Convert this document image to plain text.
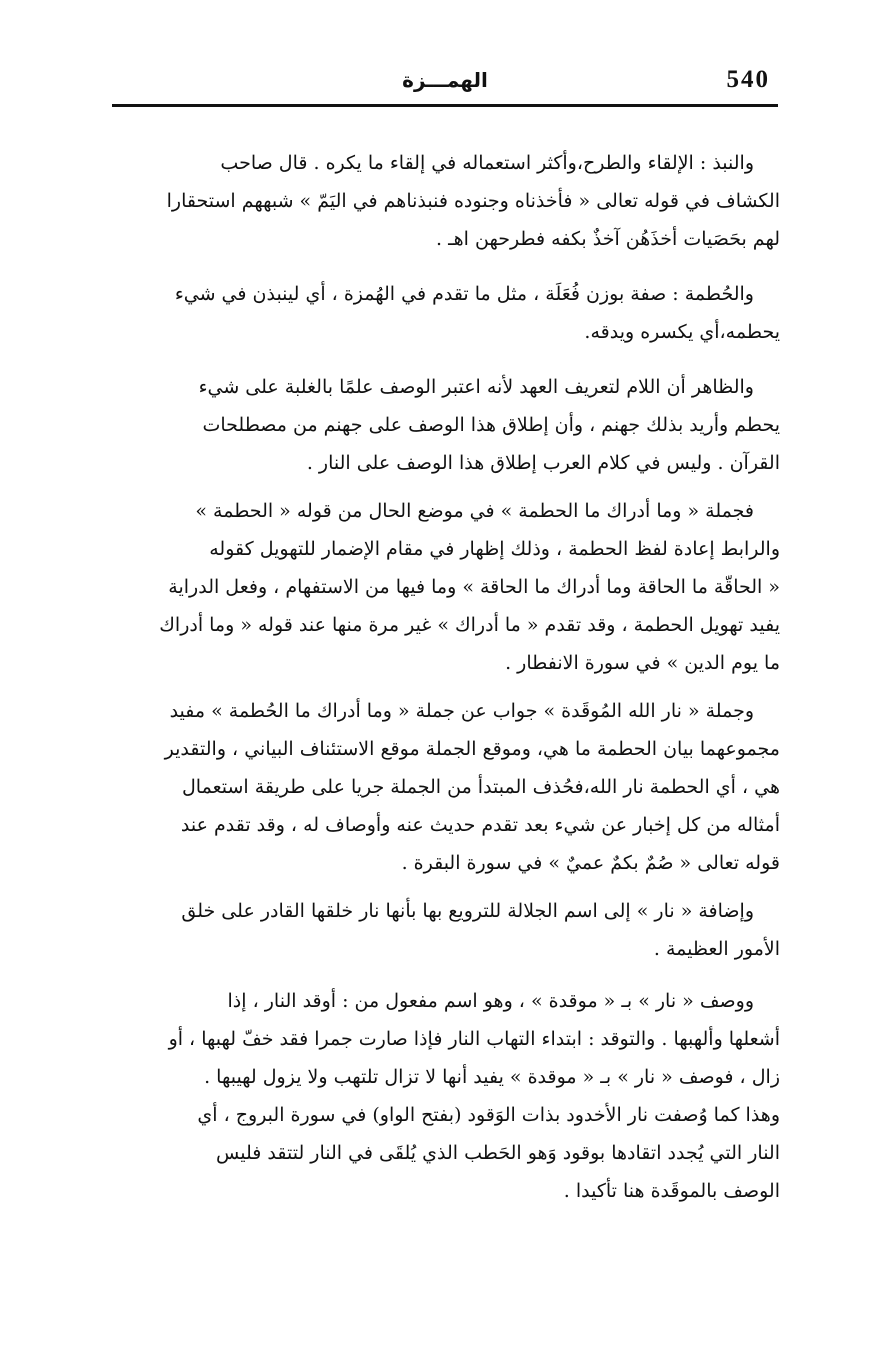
540
الهمـــزة
والنبذ : الإلقاء والطرح،وأكثر استعماله في إلقاء ما يكره . قال صاحب
الكشاف في قوله تعالى « فأخذناه وجنوده فنبذناهم في اليَمّ » شبههم استحقارا
لهم بحَصَيات أخذَهُن آخذٌ بكفه فطرحهن اهـ .
والحُطمة : صفة بوزن فُعَلَة ، مثل ما تقدم في الهُمزة ، أي لينبذن في شيء
يحطمه،أي يكسره ويدقه.
والظاهر أن اللام لتعريف العهد لأنه اعتبر الوصف علمًا بالغلبة على شيء
يحطم وأريد بذلك جهنم ، وأن إطلاق هذا الوصف على جهنم من مصطلحات
القرآن . وليس في كلام العرب إطلاق هذا الوصف على النار .
فجملة « وما أدراك ما الحطمة » في موضع الحال من قوله « الحطمة »
والرابط إعادة لفظ الحطمة ، وذلك إظهار في مقام الإضمار للتهويل كقوله
« الحاقّة ما الحاقة وما أدراك ما الحاقة » وما فيها من الاستفهام ، وفعل الدراية
يفيد تهويل الحطمة ، وقد تقدم « ما أدراك » غير مرة منها عند قوله « وما أدراك
ما يوم الدين » في سورة الانفطار .
وجملة « نار الله المُوقَدة » جواب عن جملة « وما أدراك ما الحُطمة » مفيد
مجموعهما بيان الحطمة ما هي، وموقع الجملة موقع الاستئناف البياني ، والتقدير
هي ، أي الحطمة نار الله،فحُذف المبتدأ من الجملة جريا على طريقة استعمال
أمثاله من كل إخبار عن شيء بعد تقدم حديث عنه وأوصاف له ، وقد تقدم عند
قوله تعالى « صُمٌ بكمٌ عميٌ » في سورة البقرة .
وإضافة « نار » إلى اسم الجلالة للترويع بها بأنها نار خلقها القادر على خلق
الأمور العظيمة .
ووصف « نار » بـ « موقدة » ، وهو اسم مفعول من : أوقد النار ، إذا
أشعلها وألهبها . والتوقد : ابتداء التهاب النار فإذا صارت جمرا فقد خفّ لهبها ، أو
زال ، فوصف « نار » بـ « موقدة » يفيد أنها لا تزال تلتهب ولا يزول لهيبها .
وهذا كما وُصفت نار الأخدود بذات الوَقود (بفتح الواو) في سورة البروج ، أي
النار التي يُجدد اتقادها بوقود وَهو الحَطب الذي يُلقَى في النار لتتقد فليس
الوصف بالموقَدة هنا تأكيدا .
